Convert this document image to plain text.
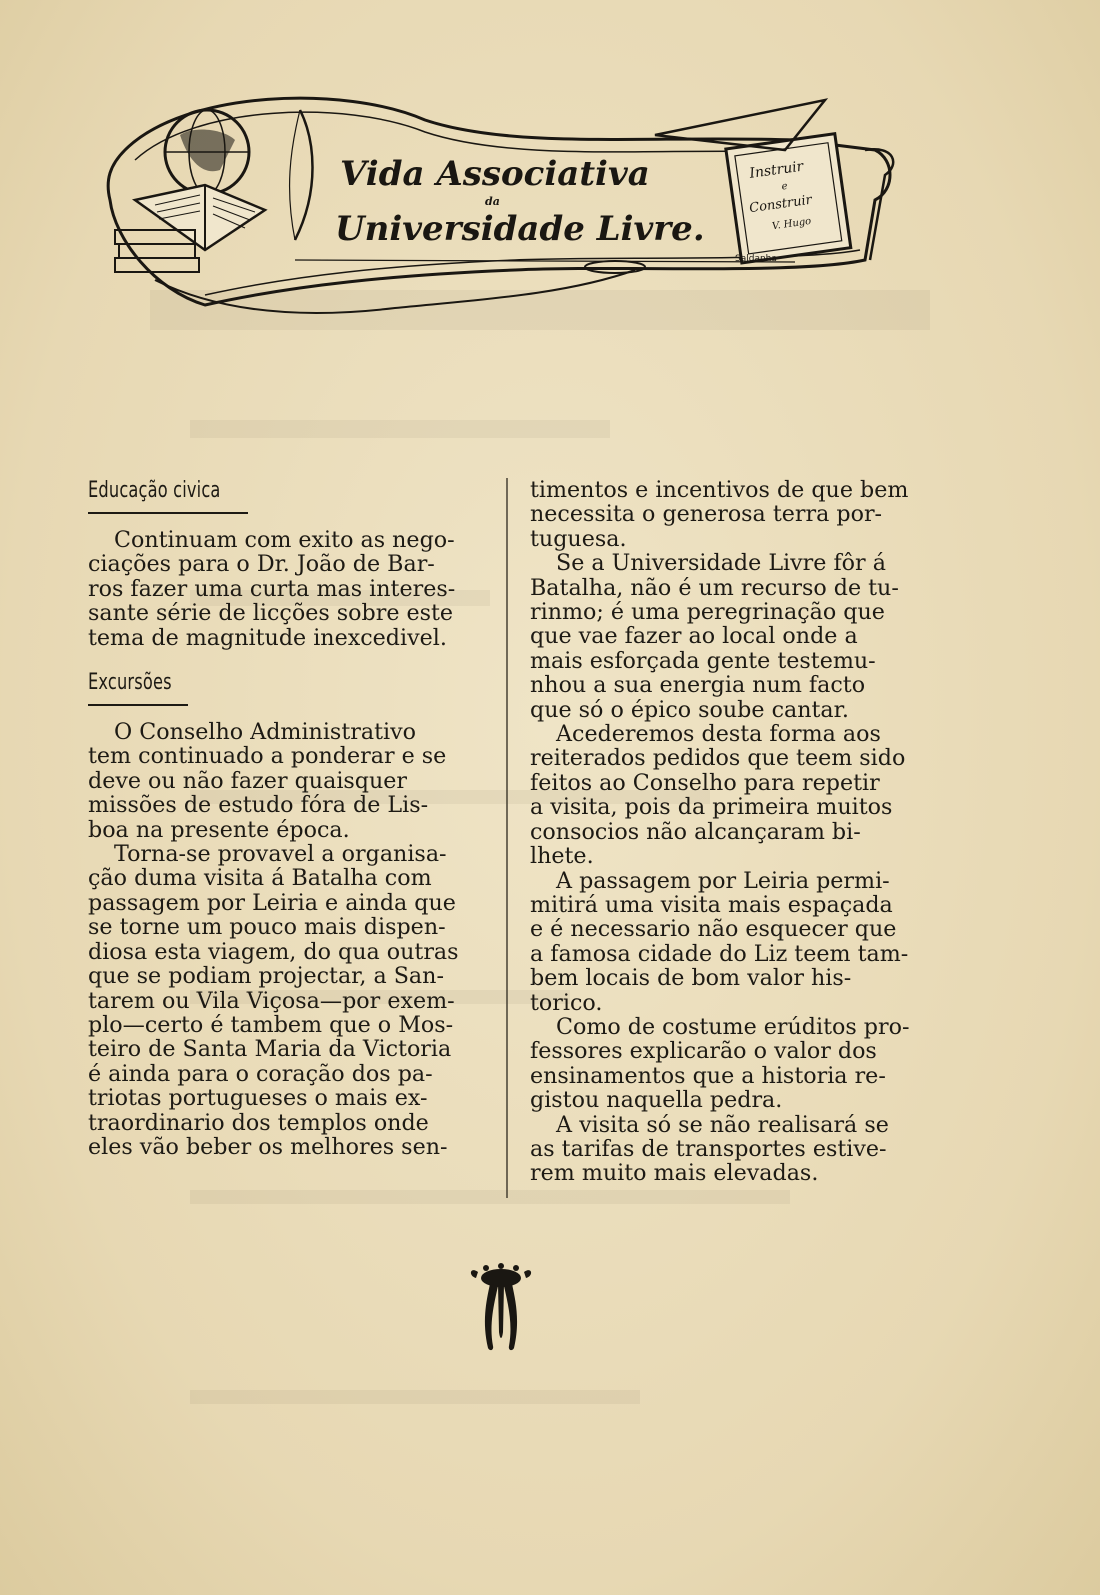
Instruir
e
Construir
V. Hugo
Vida Associativa
da
Universidade Livre.
Saldanha
Educação civica

Continuam com exito as nego-
ciações para o Dr. João de Bar-
ros fazer uma curta mas interes-
sante série de licções sobre este
tema de magnitude inexcedivel.

Excursões

O Conselho Administrativo
tem continuado a ponderar e se
deve ou não fazer quaisquer
missões de estudo fóra de Lis-
boa na presente época.

Torna-se provavel a organisa-
ção duma visita á Batalha com
passagem por Leiria e ainda que
se torne um pouco mais dispen-
diosa esta viagem, do qua outras
que se podiam projectar, a San-
tarem ou Vila Viçosa—por exem-
plo—certo é tambem que o Mos-
teiro de Santa Maria da Victoria
é ainda para o coração dos pa-
triotas portugueses o mais ex-
traordinario dos templos onde
eles vão beber os melhores sen-

timentos e incentivos de que bem
necessita o generosa terra por-
tuguesa.

Se a Universidade Livre fôr á
Batalha, não é um recurso de tu-
rinmo; é uma peregrinação que
que vae fazer ao local onde a
mais esforçada gente testemu-
nhou a sua energia num facto
que só o épico soube cantar.

Acederemos desta forma aos
reiterados pedidos que teem sido
feitos ao Conselho para repetir
a visita, pois da primeira muitos
consocios não alcançaram bi-
lhete.

A passagem por Leiria permi-
mitirá uma visita mais espaçada
e é necessario não esquecer que
a famosa cidade do Liz teem tam-
bem locais de bom valor his-
torico.

Como de costume erúditos pro-
fessores explicarão o valor dos
ensinamentos que a historia re-
gistou naquella pedra.

A visita só se não realisará se
as tarifas de transportes estive-
rem muito mais elevadas.
